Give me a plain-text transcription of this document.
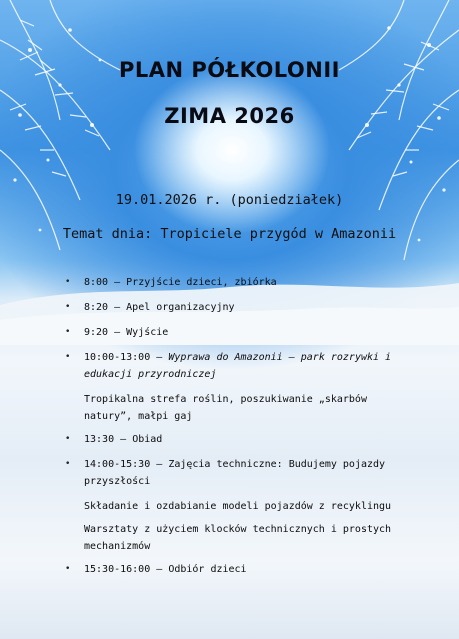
PLAN PÓŁKOLONII
ZIMA 2026
19.01.2026 r. (poniedziałek)
Temat dnia: Tropiciele przygód w Amazonii
• 8:00 – Przyjście dzieci, zbiórka
• 8:20 – Apel organizacyjny
• 9:20 – Wyjście
• 10:00-13:00 – Wyprawa do Amazonii – park rozrywki i edukacji przyrodniczej
Tropikalna strefa roślin, poszukiwanie „skarbów natury”, małpi gaj
• 13:30 – Obiad
• 14:00-15:30 – Zajęcia techniczne: Budujemy pojazdy przyszłości
Składanie i ozdabianie modeli pojazdów z recyklingu
Warsztaty z użyciem klocków technicznych i prostych mechanizmów
• 15:30-16:00 – Odbiór dzieci
